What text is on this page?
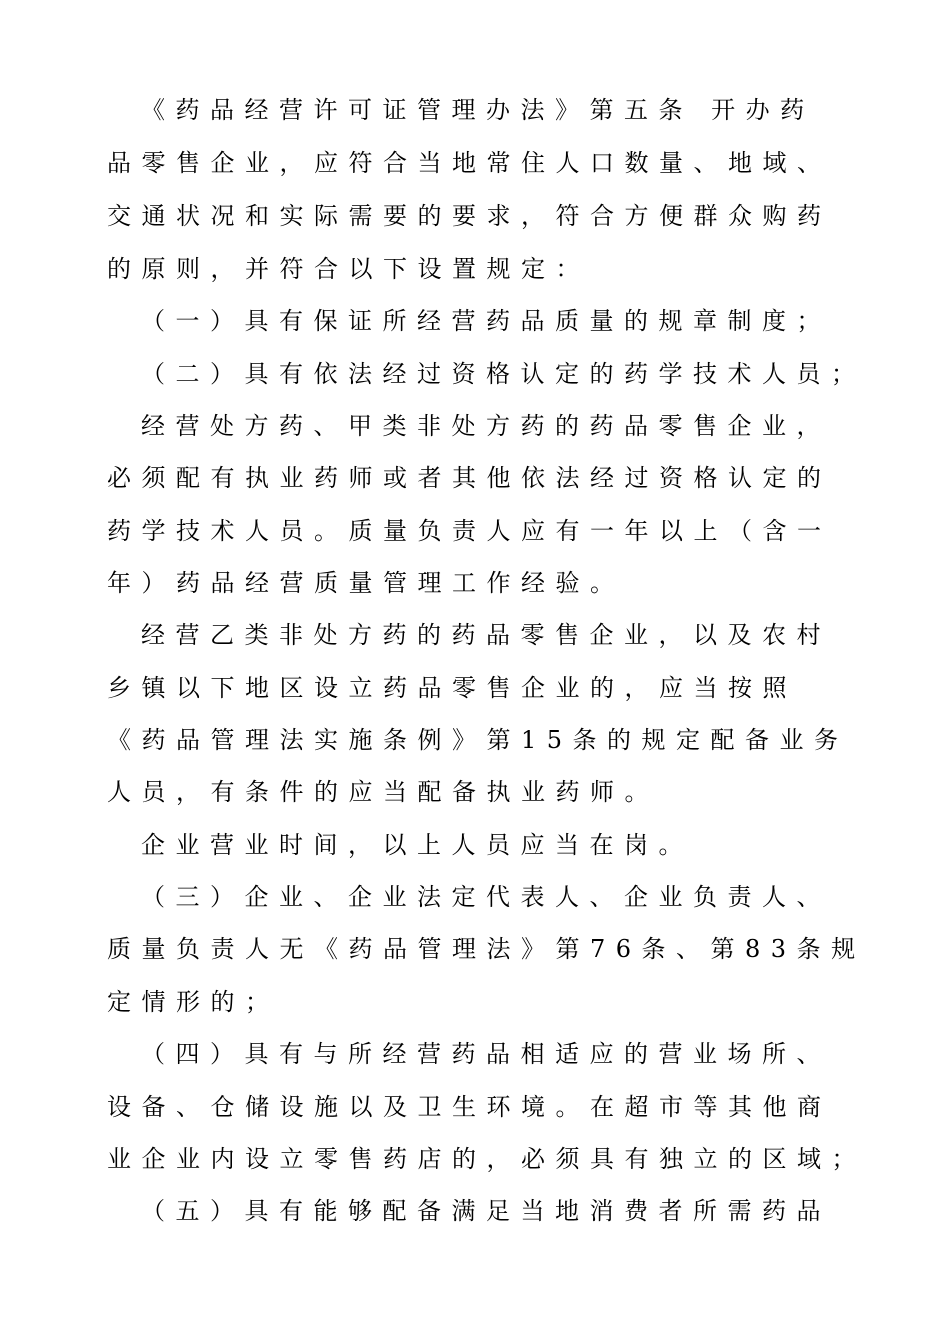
《药品经营许可证管理办法》第五条 开办药
品零售企业，应符合当地常住人口数量、地域、
交通状况和实际需要的要求，符合方便群众购药
的原则，并符合以下设置规定：
（一）具有保证所经营药品质量的规章制度；
（二）具有依法经过资格认定的药学技术人员；
经营处方药、甲类非处方药的药品零售企业，
必须配有执业药师或者其他依法经过资格认定的
药学技术人员。质量负责人应有一年以上（含一
年）药品经营质量管理工作经验。
经营乙类非处方药的药品零售企业，以及农村
乡镇以下地区设立药品零售企业的，应当按照
《药品管理法实施条例》第15条的规定配备业务
人员，有条件的应当配备执业药师。
企业营业时间，以上人员应当在岗。
（三）企业、企业法定代表人、企业负责人、
质量负责人无《药品管理法》第76条、第83条规
定情形的；
（四）具有与所经营药品相适应的营业场所、
设备、仓储设施以及卫生环境。在超市等其他商
业企业内设立零售药店的，必须具有独立的区域；
（五）具有能够配备满足当地消费者所需药品
